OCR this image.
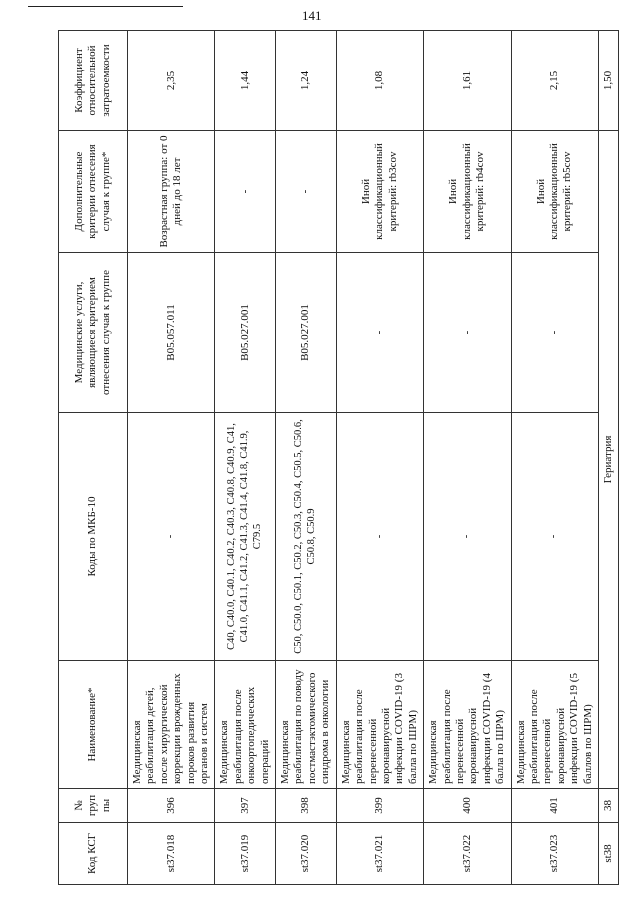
141
Код КСГ	№ группы	Наименование*	Коды по МКБ-10	Медицинские услуги, являющиеся критерием отнесения случая к группе	Дополнительные критерии отнесения случая к группе*	Коэффициент относительной затратоемкости
st37.018	396	Медицинская реабилитация детей, после хирургической коррекции врожденных пороков развития органов и систем	-	B05.057.011	Возрастная группа: от 0 дней до 18 лет	2,35
st37.019	397	Медицинская реабилитация после онкоортопедических операций	C40, C40.0, C40.1, C40.2, C40.3, C40.8, C40.9, C41, C41.0, C41.1, C41.2, C41.3, C41.4, C41.8, C41.9, C79.5	B05.027.001	-	1,44
st37.020	398	Медицинская реабилитация по поводу постмастэктомического синдрома в онкологии	C50, C50.0, C50.1, C50.2, C50.3, C50.4, C50.5, C50.6, C50.8, C50.9	B05.027.001	-	1,24
st37.021	399	Медицинская реабилитация после перенесенной коронавирусной инфекции COVID-19 (3 балла по ШРМ)	-	-	Иной классификационный критерий: rb3cov	1,08
st37.022	400	Медицинская реабилитация после перенесенной коронавирусной инфекции COVID-19 (4 балла по ШРМ)	-	-	Иной классификационный критерий: rb4cov	1,61
st37.023	401	Медицинская реабилитация после перенесенной коронавирусной инфекции COVID-19 (5 баллов по ШРМ)	-	-	Иной классификационный критерий: rb5cov	2,15
st38	38	Гериатрия				1,50
